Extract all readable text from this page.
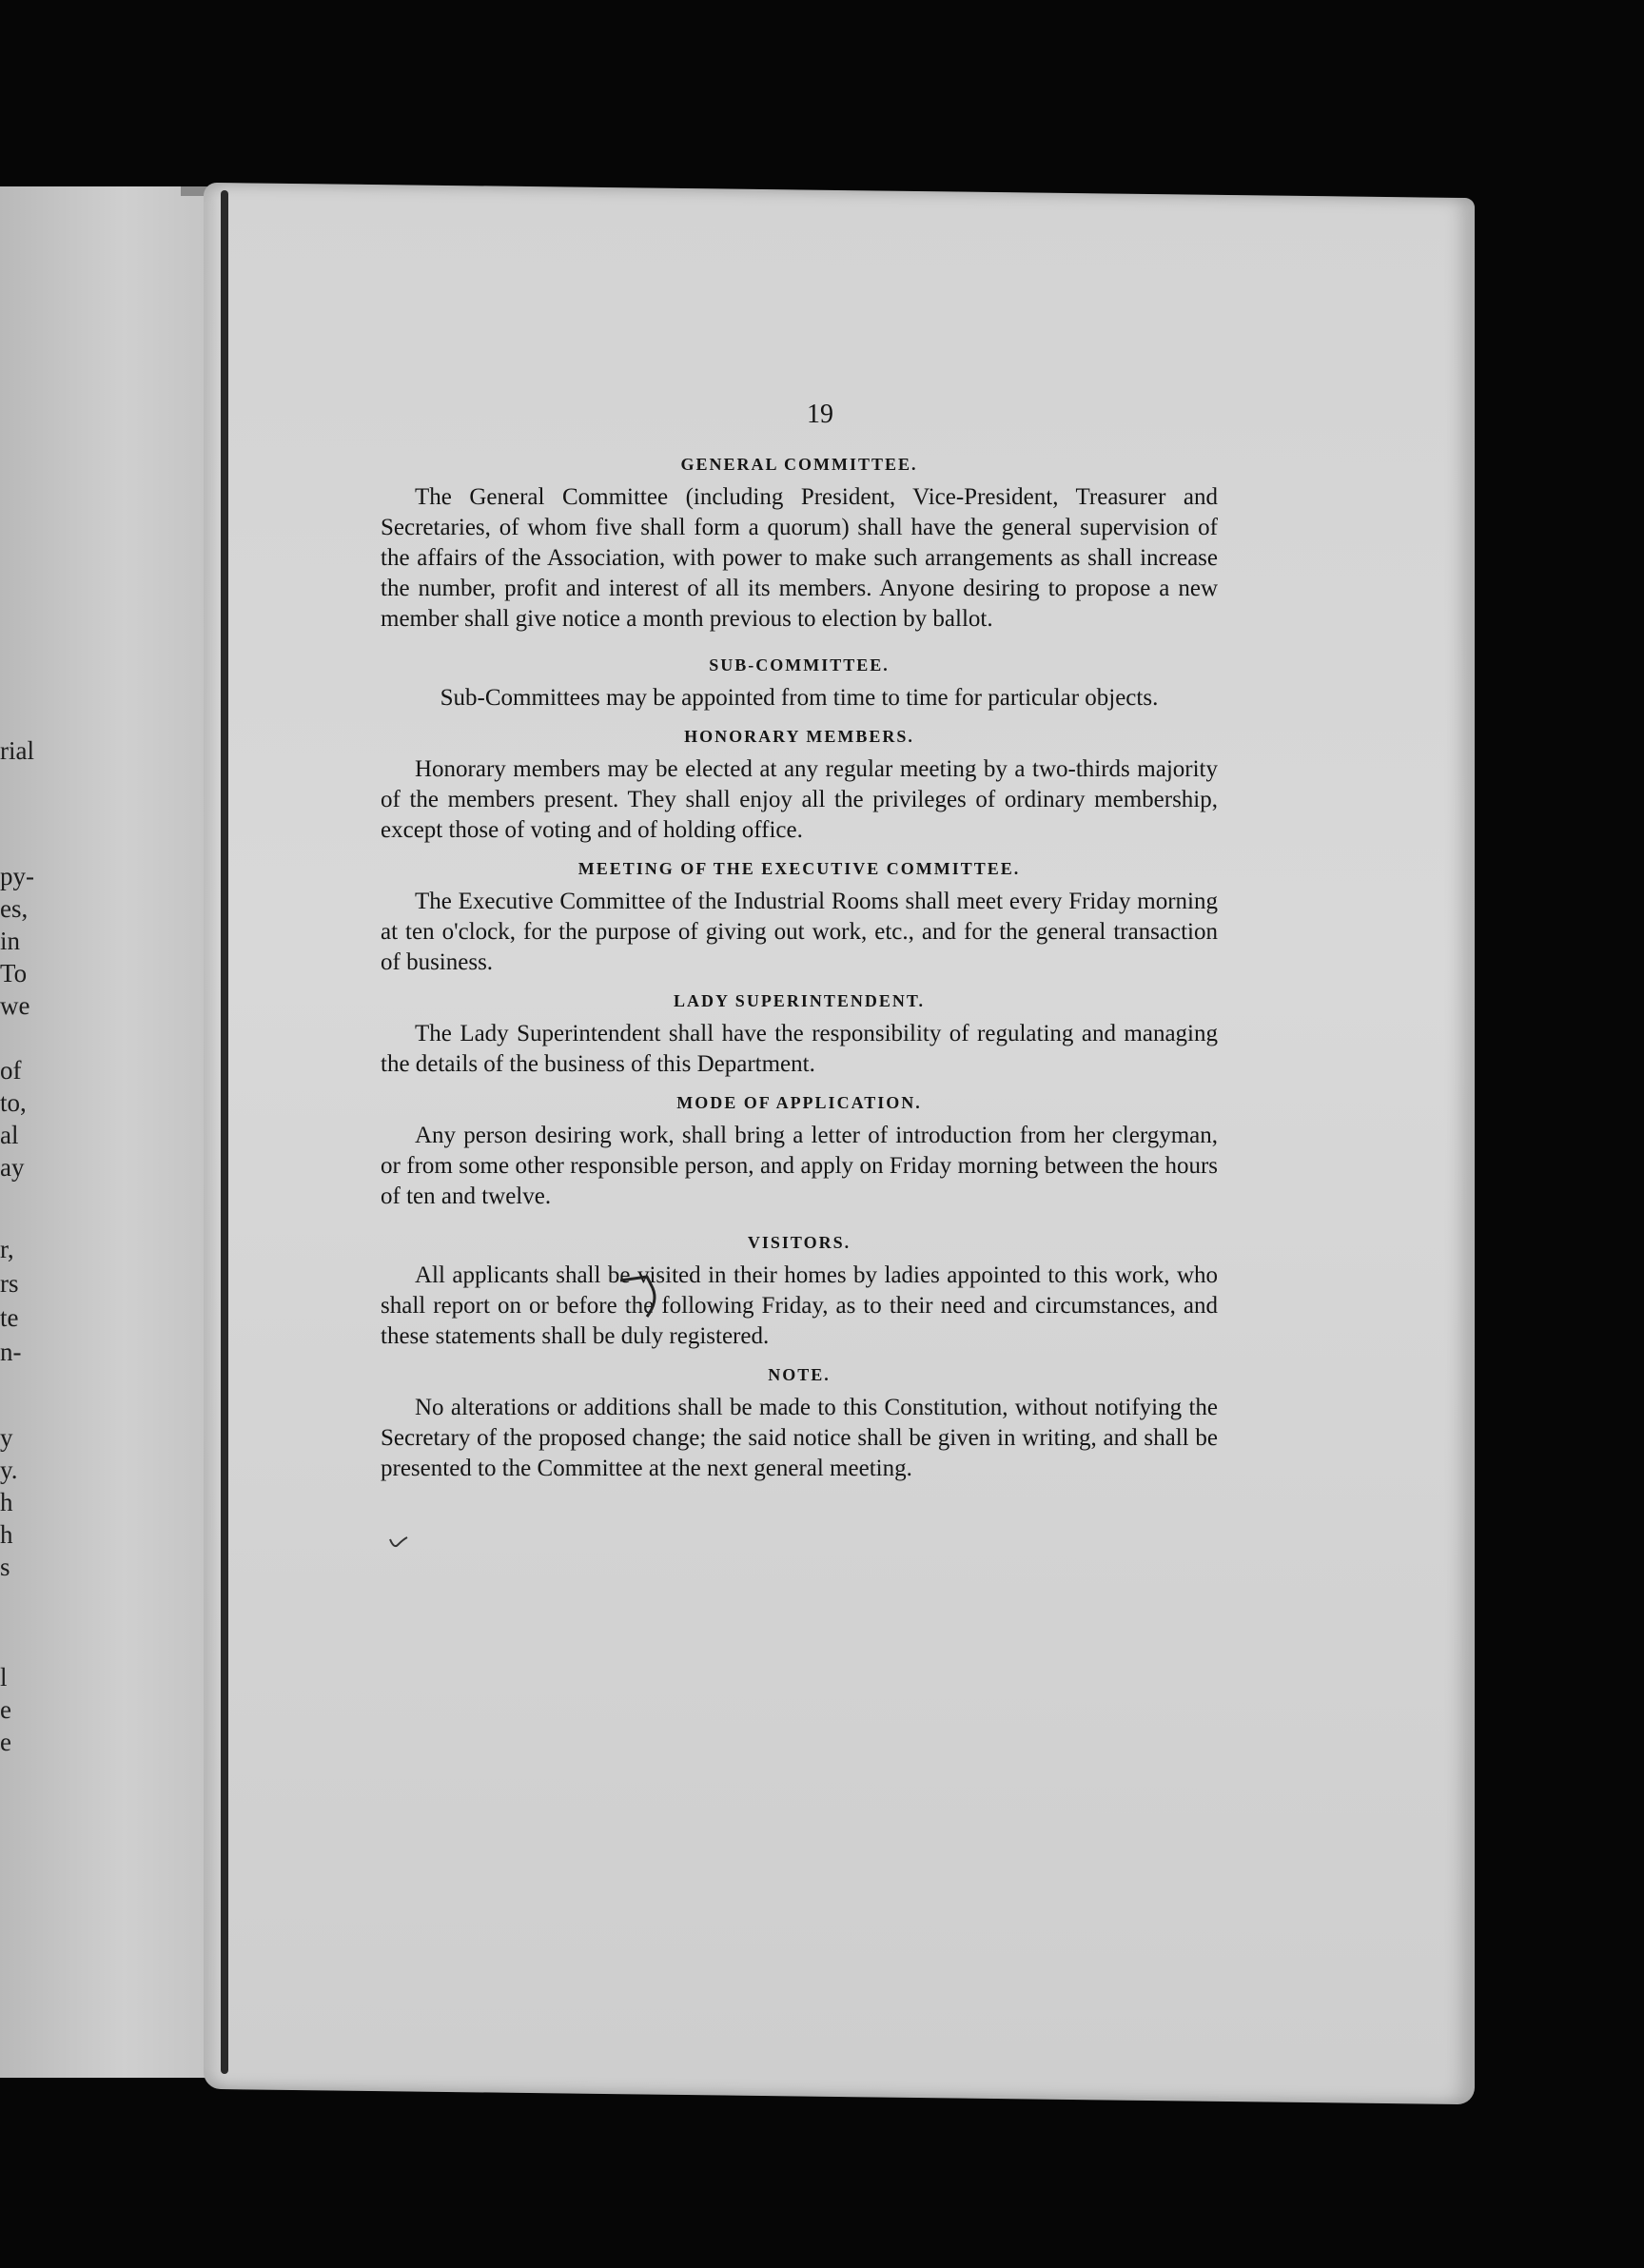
rial
py-
es,
in
To
we
of
to,
al
ay
r,
rs
te
n-
y
y.
h
h
s
l
e
e
19
GENERAL COMMITTEE.

The General Committee (including President, Vice-President, Treasurer and Secretaries, of whom five shall form a quorum) shall have the general supervision of the affairs of the Association, with power to make such arrangements as shall increase the number, profit and interest of all its members. Anyone desiring to propose a new member shall give notice a month previous to election by ballot.

SUB-COMMITTEE.

Sub-Committees may be appointed from time to time for particular objects.

HONORARY MEMBERS.

Honorary members may be elected at any regular meeting by a two-thirds majority of the members present. They shall enjoy all the privileges of ordinary membership, except those of voting and of holding office.

MEETING OF THE EXECUTIVE COMMITTEE.

The Executive Committee of the Industrial Rooms shall meet every Friday morning at ten o'clock, for the purpose of giving out work, etc., and for the general transaction of business.

LADY SUPERINTENDENT.

The Lady Superintendent shall have the responsibility of regulating and managing the details of the business of this Department.

MODE OF APPLICATION.

Any person desiring work, shall bring a letter of introduction from her clergyman, or from some other responsible person, and apply on Friday morning between the hours of ten and twelve.

VISITORS.

All applicants shall be visited in their homes by ladies appointed to this work, who shall report on or before the following Friday, as to their need and circumstances, and these statements shall be duly registered.

NOTE.

No alterations or additions shall be made to this Constitution, without notifying the Secretary of the proposed change; the said notice shall be given in writing, and shall be presented to the Committee at the next general meeting.
